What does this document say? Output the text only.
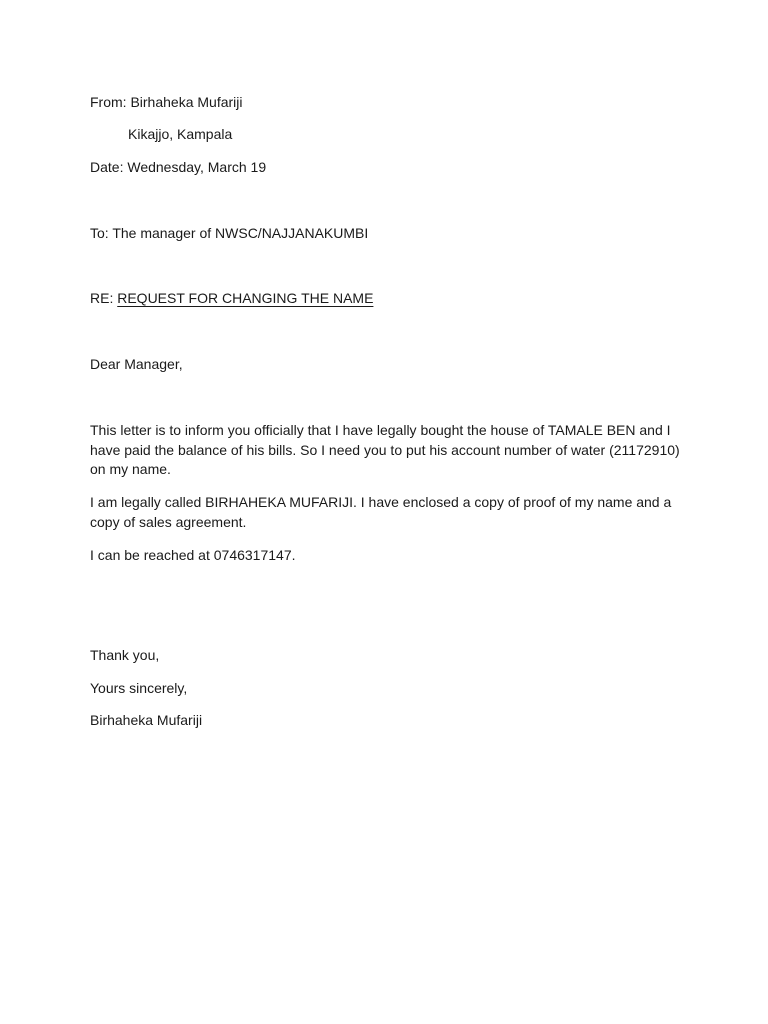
From: Birhaheka Mufariji
Kikajjo, Kampala
Date: Wednesday, March 19
To: The manager of NWSC/NAJJANAKUMBI
RE: REQUEST FOR CHANGING THE NAME
Dear Manager,
This letter is to inform you officially that I have legally bought the house of TAMALE BEN and I
have paid the balance of his bills. So I need you to put his account number of water (21172910)
on my name.
I am legally called BIRHAHEKA MUFARIJI. I have enclosed a copy of proof of my name and a
copy of sales agreement.
I can be reached at 0746317147.
Thank you,
Yours sincerely,
Birhaheka Mufariji
